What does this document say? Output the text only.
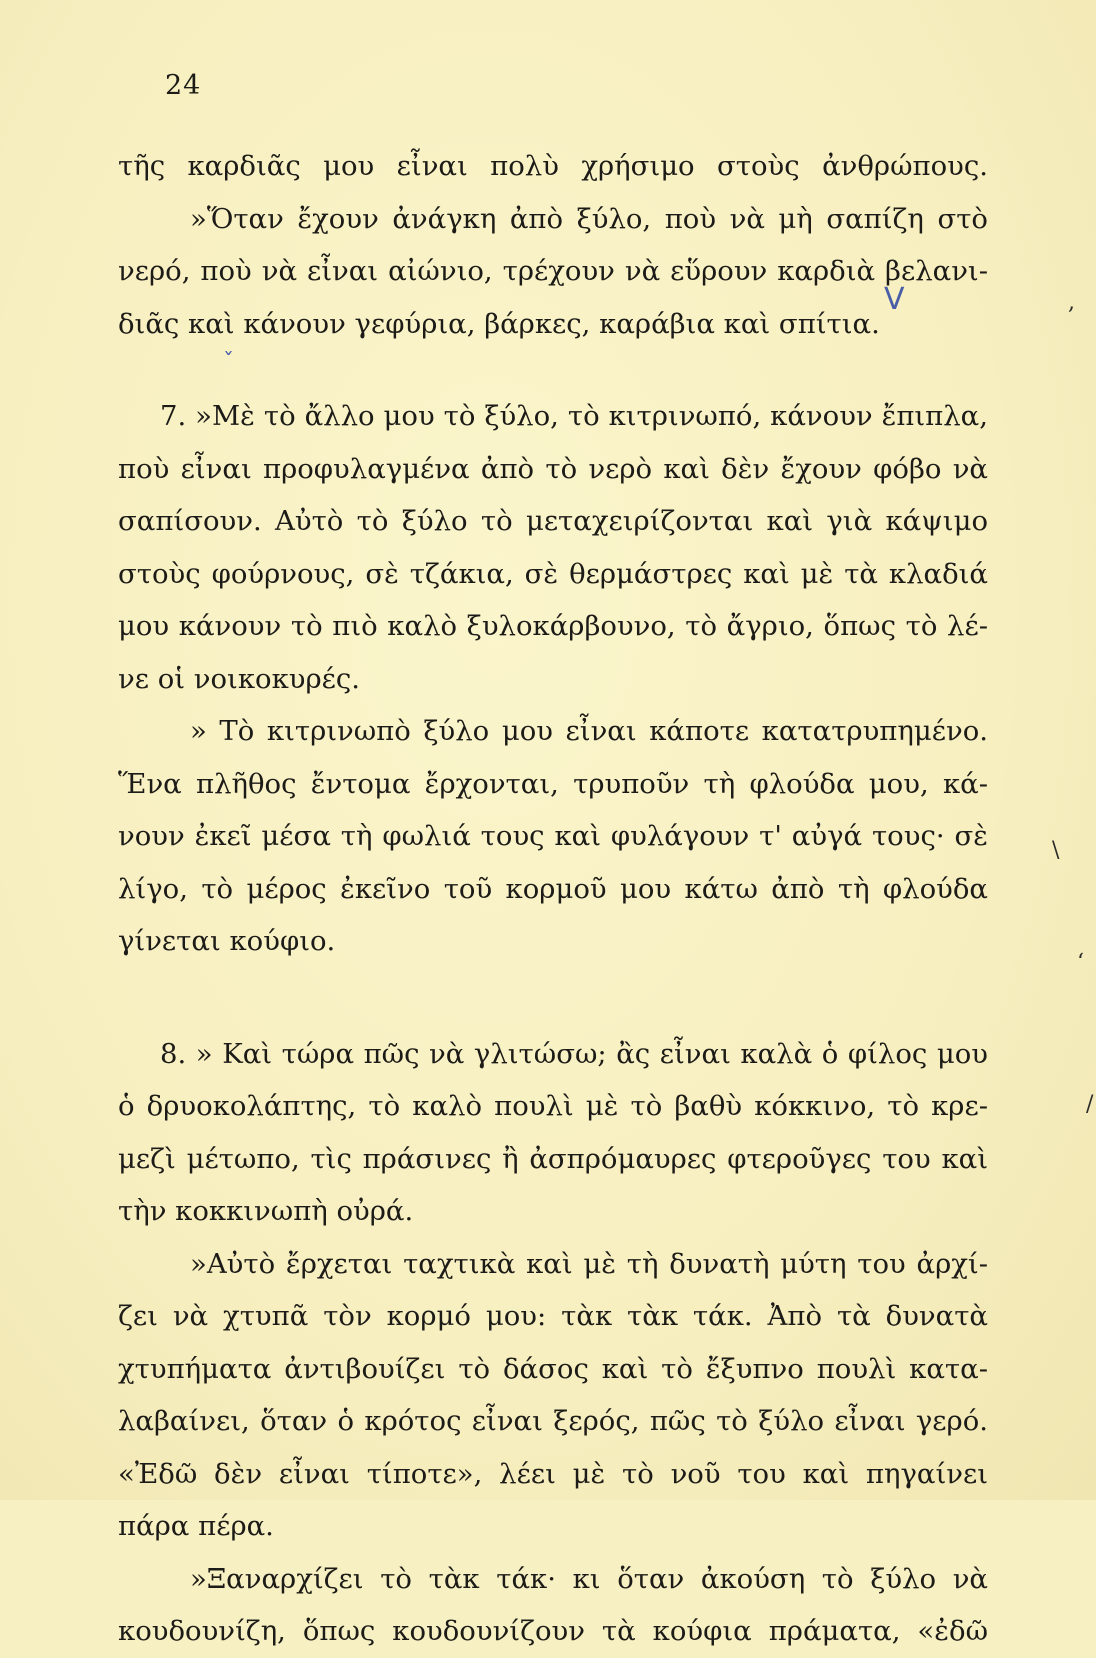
24
τῆς καρδιᾶς μου εἶναι πολὺ χρήσιμο στοὺς ἀνθρώπους.
»Ὅταν ἔχουν ἀνάγκη ἀπὸ ξύλο, ποὺ νὰ μὴ σαπίζη στὸ
νερό, ποὺ νὰ εἶναι αἰώνιο, τρέχουν νὰ εὕρουν καρδιὰ βελανι-
διᾶς καὶ κάνουν γεφύρια, βάρκες, καράβια καὶ σπίτια.
7. »Μὲ τὸ ἄλλο μου τὸ ξύλο, τὸ κιτρινωπό, κάνουν ἔπιπλα,
ποὺ εἶναι προφυλαγμένα ἀπὸ τὸ νερὸ καὶ δὲν ἔχουν φόβο νὰ
σαπίσουν. Αὐτὸ τὸ ξύλο τὸ μεταχειρίζονται καὶ γιὰ κάψιμο
στοὺς φούρνους, σὲ τζάκια, σὲ θερμάστρες καὶ μὲ τὰ κλαδιά
μου κάνουν τὸ πιὸ καλὸ ξυλοκάρβουνο, τὸ ἄγριο, ὅπως τὸ λέ-
νε οἱ νοικοκυρές.
» Τὸ κιτρινωπὸ ξύλο μου εἶναι κάποτε κατατρυπημένο.
Ἕνα πλῆθος ἔντομα ἔρχονται, τρυποῦν τὴ φλούδα μου, κά-
νουν ἐκεῖ μέσα τὴ φωλιά τους καὶ φυλάγουν τ' αὐγά τους· σὲ
λίγο, τὸ μέρος ἐκεῖνο τοῦ κορμοῦ μου κάτω ἀπὸ τὴ φλούδα
γίνεται κούφιο.
8. » Καὶ τώρα πῶς νὰ γλιτώσω; ἂς εἶναι καλὰ ὁ φίλος μου
ὁ δρυοκολάπτης, τὸ καλὸ πουλὶ μὲ τὸ βαθὺ κόκκινο, τὸ κρε-
μεζὶ μέτωπο, τὶς πράσινες ἢ ἀσπρόμαυρες φτεροῦγες του καὶ
τὴν κοκκινωπὴ οὐρά.
»Αὐτὸ ἔρχεται ταχτικὰ καὶ μὲ τὴ δυνατὴ μύτη του ἀρχί-
ζει νὰ χτυπᾶ τὸν κορμό μου: τὰκ τὰκ τάκ. Ἀπὸ τὰ δυνατὰ
χτυπήματα ἀντιβουίζει τὸ δάσος καὶ τὸ ἔξυπνο πουλὶ κατα-
λαβαίνει, ὅταν ὁ κρότος εἶναι ξερός, πῶς τὸ ξύλο εἶναι γερό.
«Ἐδῶ δὲν εἶναι τίποτε», λέει μὲ τὸ νοῦ του καὶ πηγαίνει
πάρα πέρα.
»Ξαναρχίζει τὸ τὰκ τάκ· κι ὅταν ἀκούση τὸ ξύλο νὰ
κουδουνίζη, ὅπως κουδουνίζουν τὰ κούφια πράματα, «ἐδῶ
V
ˇ
,
\
‘
/
